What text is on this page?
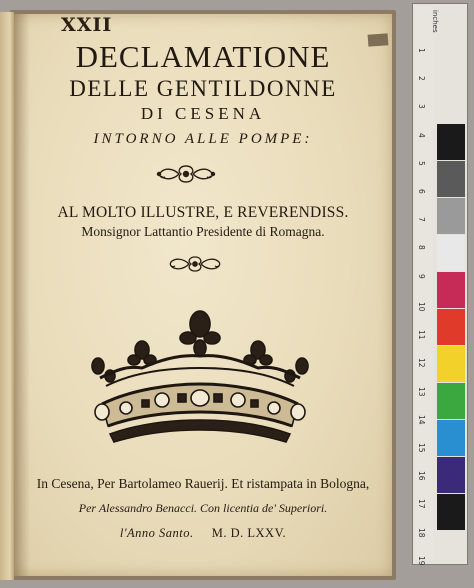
XXII
DECLAMATIONE
DELLE GENTILDONNE
DI CESENA
INTORNO ALLE POMPE:
AL MOLTO ILLUSTRE, E REVERENDISS.
Monsignor Lattantio Presidente di Romagna.
In Cesena, Per Bartolameo Rauerij. Et ristampata in Bologna,
Per Alessandro Benacci. Con licentia de' Superiori.
l'Anno Santo. M. D. LXXV.
inches
1
2
3
4
5
6
7
8
9
10
11
12
13
14
15
16
17
18
19
